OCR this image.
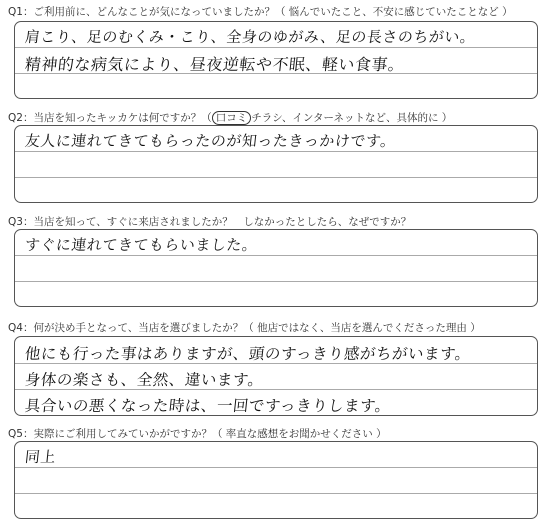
Q1：ご利用前に、どんなことが気になっていましたか？（ 悩んでいたこと、不安に感じていたことなど ）
肩こり、足のむくみ・こり、全身のゆがみ、足の長さのちがい。
精神的な病気により、昼夜逆転や不眠、軽い食事。
Q2：当店を知ったキッカケは何ですか？（ 口コミ チラシ、インターネットなど、具体的に ）
友人に連れてきてもらったのが知ったきっかけです。
Q3：当店を知って、すぐに来店されましたか？　しなかったとしたら、なぜですか？
すぐに連れてきてもらいました。
Q4：何が決め手となって、当店を選びましたか？（ 他店ではなく、当店を選んでくださった理由 ）
他にも行った事はありますが、頭のすっきり感がちがいます。
身体の楽さも、全然、違います。
具合いの悪くなった時は、一回ですっきりします。
Q5：実際にご利用してみていかがですか？（ 率直な感想をお聞かせください ）
同上
